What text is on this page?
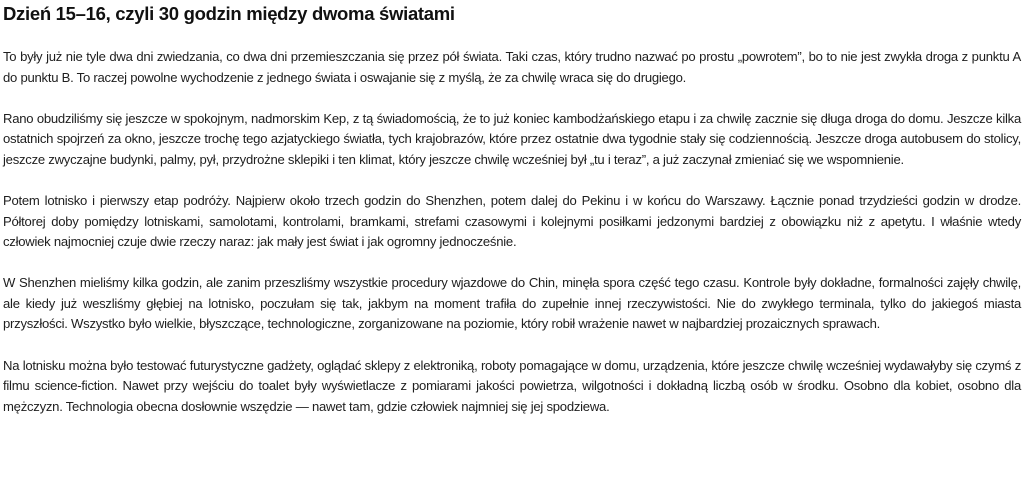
Dzień 15–16, czyli 30 godzin między dwoma światami

To były już nie tyle dwa dni zwiedzania, co dwa dni przemieszczania się przez pół świata. Taki czas, który trudno nazwać po prostu „powrotem”, bo to nie jest zwykła droga z punktu A do punktu B. To raczej powolne wychodzenie z jednego świata i oswajanie się z myślą, że za chwilę wraca się do drugiego.

Rano obudziliśmy się jeszcze w spokojnym, nadmorskim Kep, z tą świadomością, że to już koniec kambodżańskiego etapu i za chwilę zacznie się długa droga do domu. Jeszcze kilka ostatnich spojrzeń za okno, jeszcze trochę tego azjatyckiego światła, tych krajobrazów, które przez ostatnie dwa tygodnie stały się codziennością. Jeszcze droga autobusem do stolicy, jeszcze zwyczajne budynki, palmy, pył, przydrożne sklepiki i ten klimat, który jeszcze chwilę wcześniej był „tu i teraz”, a już zaczynał zmieniać się we wspomnienie.

Potem lotnisko i pierwszy etap podróży. Najpierw około trzech godzin do Shenzhen, potem dalej do Pekinu i w końcu do Warszawy. Łącznie ponad trzydzieści godzin w drodze. Półtorej doby pomiędzy lotniskami, samolotami, kontrolami, bramkami, strefami czasowymi i kolejnymi posiłkami jedzonymi bardziej z obowiązku niż z apetytu. I właśnie wtedy człowiek najmocniej czuje dwie rzeczy naraz: jak mały jest świat i jak ogromny jednocześnie.

W Shenzhen mieliśmy kilka godzin, ale zanim przeszliśmy wszystkie procedury wjazdowe do Chin, minęła spora część tego czasu. Kontrole były dokładne, formalności zajęły chwilę, ale kiedy już weszliśmy głębiej na lotnisko, poczułam się tak, jakbym na moment trafiła do zupełnie innej rzeczywistości. Nie do zwykłego terminala, tylko do jakiegoś miasta przyszłości. Wszystko było wielkie, błyszczące, technologiczne, zorganizowane na poziomie, który robił wrażenie nawet w najbardziej prozaicznych sprawach.

Na lotnisku można było testować futurystyczne gadżety, oglądać sklepy z elektroniką, roboty pomagające w domu, urządzenia, które jeszcze chwilę wcześniej wydawałyby się czymś z filmu science-fiction. Nawet przy wejściu do toalet były wyświetlacze z pomiarami jakości powietrza, wilgotności i dokładną liczbą osób w środku. Osobno dla kobiet, osobno dla mężczyzn. Technologia obecna dosłownie wszędzie — nawet tam, gdzie człowiek najmniej się jej spodziewa.
